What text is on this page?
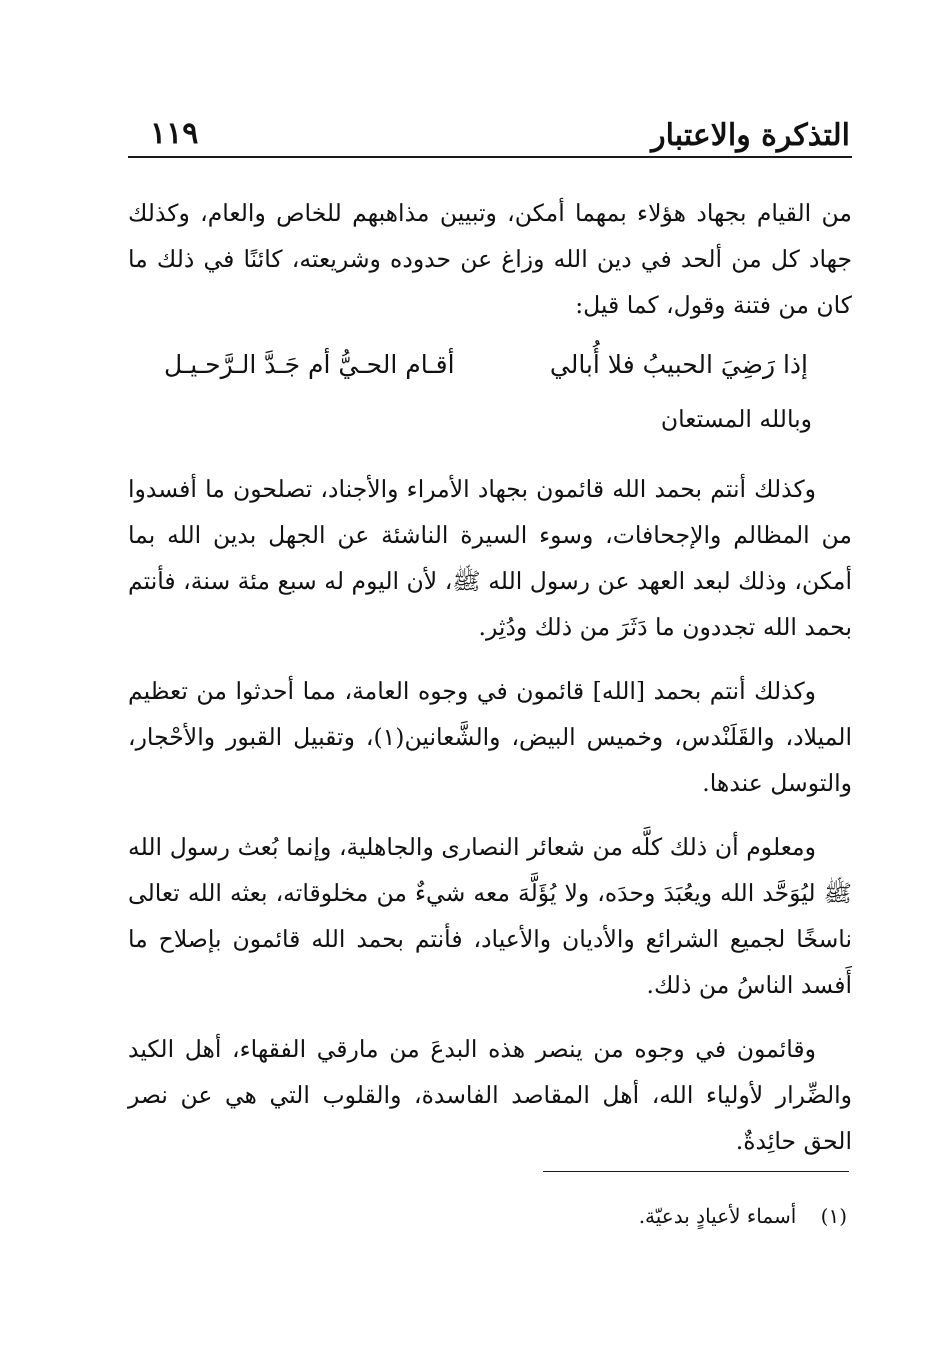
التذكرة والاعتبار
١١٩

من القيام بجهاد هؤلاء بمهما أمكن، وتبيين مذاهبهم للخاص والعام، وكذلك جهاد كل من ألحد في دين الله وزاغ عن حدوده وشريعته، كائنًا في ذلك ما كان من فتنة وقول، كما قيل:

إذا رَضِيَ الحبيبُ فلا أُبالي
أقـام الحـيُّ أم جَـدَّ الـرَّحـيـل
وبالله المستعان

وكذلك أنتم بحمد الله قائمون بجهاد الأمراء والأجناد، تصلحون ما أفسدوا من المظالم والإجحافات، وسوء السيرة الناشئة عن الجهل بدين الله بما أمكن، وذلك لبعد العهد عن رسول الله ﷺ، لأن اليوم له سبع مئة سنة، فأنتم بحمد الله تجددون ما دَثَرَ من ذلك ودُثِر.

وكذلك أنتم بحمد [الله] قائمون في وجوه العامة، مما أحدثوا من تعظيم الميلاد، والقَلَنْدس، وخميس البيض، والشَّعانين(١)، وتقبيل القبور والأحْجار، والتوسل عندها.

ومعلوم أن ذلك كلَّه من شعائر النصارى والجاهلية، وإنما بُعث رسول الله ﷺ ليُوَحَّد الله ويعُبَدَ وحدَه، ولا يُؤَلَّهَ معه شيءٌ من مخلوقاته، بعثه الله تعالى ناسخًا لجميع الشرائع والأديان والأعياد، فأنتم بحمد الله قائمون بإصلاح ما أَفسد الناسُ من ذلك.

وقائمون في وجوه من ينصر هذه البدعَ من مارقي الفقهاء، أهل الكيد والضِّرار لأولياء الله، أهل المقاصد الفاسدة، والقلوب التي هي عن نصر الحق حائِدةٌ.

(١) أسماء لأعيادٍ بدعيّة.
